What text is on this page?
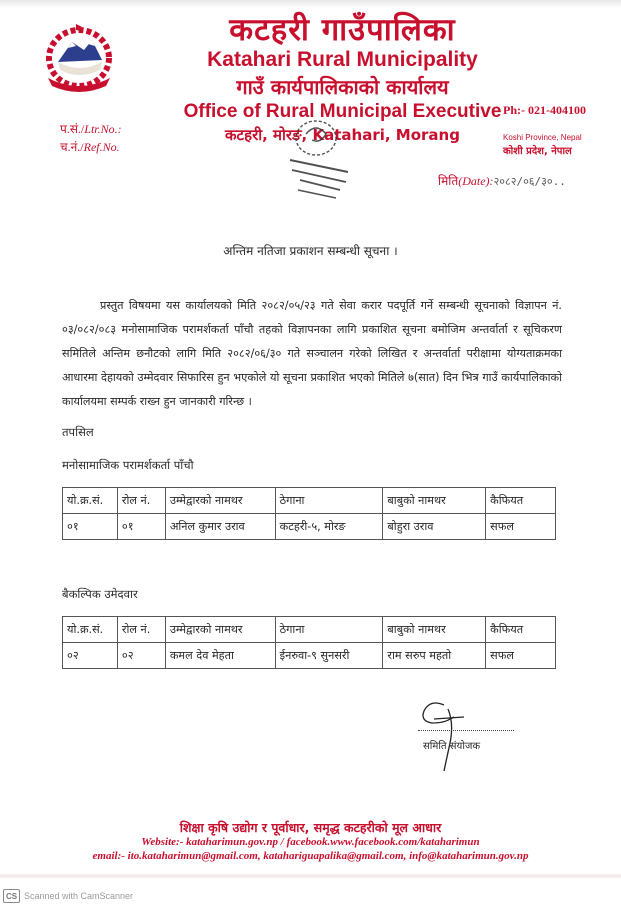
कटहरी गाउँपालिका
Katahari Rural Municipality
गाउँ कार्यपालिकाको कार्यालय
Office of Rural Municipal Executive
कटहरी, मोरङ, Katahari, Morang
प.सं./Ltr.No.:
च.नं./Ref.No.
Ph:- 021-404100
Koshi Province, Nepal
कोशी प्रदेश, नेपाल
मिति(Date):२०८२/०६/३०..
अन्तिम नतिजा प्रकाशन सम्बन्धी सूचना ।
प्रस्तुत विषयमा यस कार्यालयको मिति २०८२/०५/२३ गते सेवा करार पदपूर्ति गर्ने सम्बन्धी सूचनाको विज्ञापन नं. ०३/०८२/०८३ मनोसामाजिक परामर्शकर्ता पाँचौ तहको विज्ञापनका लागि प्रकाशित सूचना बमोजिम अन्तर्वार्ता र सूचिकरण समितिले अन्तिम छनौटको लागि मिति २०८२/०६/३० गते सञ्चालन गरेको लिखित र अन्तर्वार्ता परीक्षामा योग्यताक्रमका आधारमा देहायको उम्मेदवार सिफारिस हुन भएकोले यो सूचना प्रकाशित भएको मितिले ७(सात) दिन भित्र गाउँ कार्यपालिकाको कार्यालयमा सम्पर्क राख्न हुन जानकारी गरिन्छ ।
तपसिल
मनोसामाजिक परामर्शकर्ता पाँचौ
यो.क्र.सं.	रोल नं.	उम्मेद्वारको नामथर	ठेगाना	बाबुको नामथर	कैफियत
०१	०१	अनिल कुमार उराव	कटहरी-५, मोरङ	बोहुरा उराव	सफल
बैकल्पिक उमेदवार
यो.क्र.सं.	रोल नं.	उम्मेद्वारको नामथर	ठेगाना	बाबुको नामथर	कैफियत
०२	०२	कमल देव मेहता	ईनरुवा-९ सुनसरी	राम सरुप महतो	सफल
समिति संयोजक
शिक्षा कृषि उद्योग र पूर्वाधार, समृद्ध कटहरीको मूल आधार
Website:- kataharimun.gov.np / facebook.www.facebook.com/kataharimun
email:- ito.kataharimun@gmail.com, katahariguapalika@gmail.com, info@kataharimun.gov.np
CS Scanned with CamScanner
